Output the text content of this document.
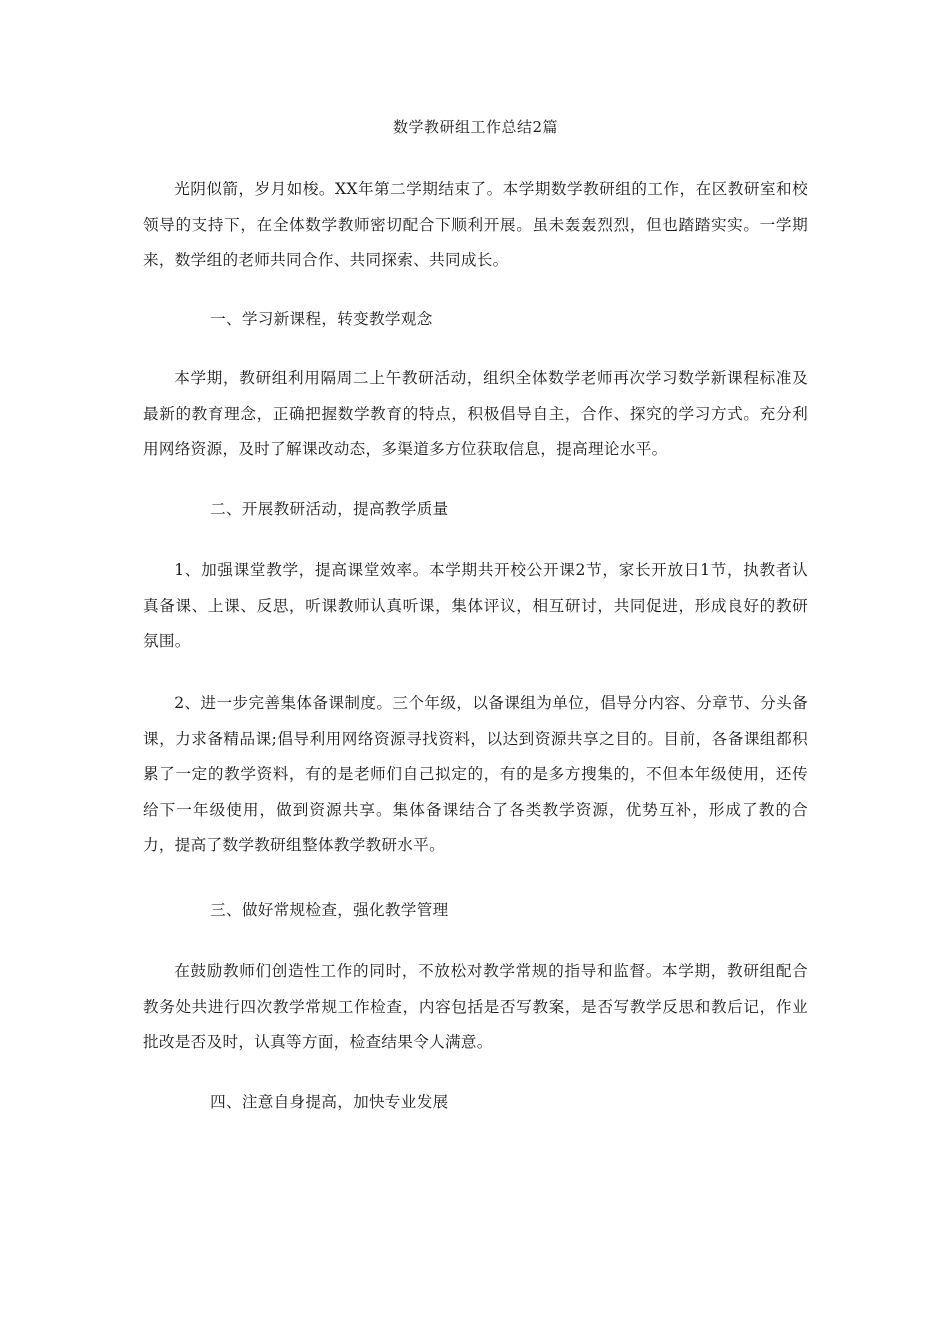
数学教研组工作总结2篇

光阴似箭，岁月如梭。XX年第二学期结束了。本学期数学教研组的工作，在区教研室和校领导的支持下，在全体数学教师密切配合下顺利开展。虽未轰轰烈烈，但也踏踏实实。一学期来，数学组的老师共同合作、共同探索、共同成长。

一、学习新课程，转变教学观念

本学期，教研组利用隔周二上午教研活动，组织全体数学老师再次学习数学新课程标准及最新的教育理念，正确把握数学教育的特点，积极倡导自主，合作、探究的学习方式。充分利用网络资源，及时了解课改动态，多渠道多方位获取信息，提高理论水平。

二、开展教研活动，提高教学质量

1、加强课堂教学，提高课堂效率。本学期共开校公开课2节，家长开放日1节，执教者认真备课、上课、反思，听课教师认真听课，集体评议，相互研讨，共同促进，形成良好的教研氛围。

2、进一步完善集体备课制度。三个年级，以备课组为单位，倡导分内容、分章节、分头备课，力求备精品课;倡导利用网络资源寻找资料，以达到资源共享之目的。目前，各备课组都积累了一定的教学资料，有的是老师们自己拟定的，有的是多方搜集的，不但本年级使用，还传给下一年级使用，做到资源共享。集体备课结合了各类教学资源，优势互补，形成了教的合力，提高了数学教研组整体教学教研水平。

三、做好常规检查，强化教学管理

在鼓励教师们创造性工作的同时，不放松对教学常规的指导和监督。本学期，教研组配合教务处共进行四次教学常规工作检查，内容包括是否写教案，是否写教学反思和教后记，作业批改是否及时，认真等方面，检查结果令人满意。

四、注意自身提高，加快专业发展
